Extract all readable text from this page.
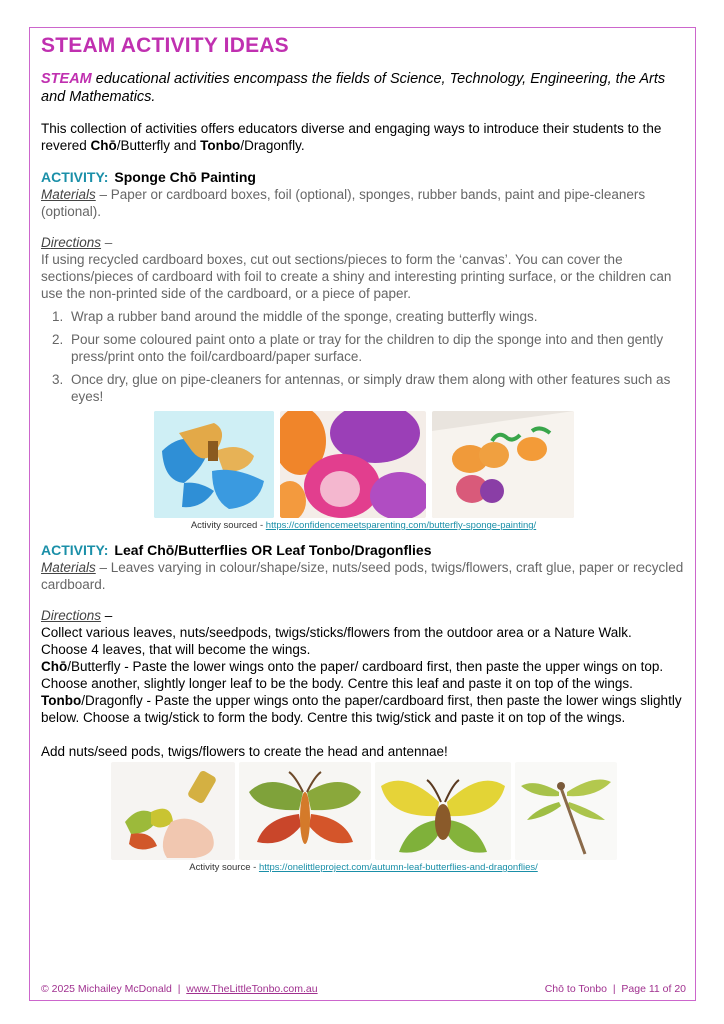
STEAM ACTIVITY IDEAS

STEAM educational activities encompass the fields of Science, Technology, Engineering, the Arts and Mathematics.

This collection of activities offers educators diverse and engaging ways to introduce their students to the revered Chō/Butterfly and Tonbo/Dragonfly.

ACTIVITY: Sponge Chō Painting

Materials – Paper or cardboard boxes, foil (optional), sponges, rubber bands, paint and pipe-cleaners (optional).

Directions –

If using recycled cardboard boxes, cut out sections/pieces to form the ‘canvas’. You can cover the sections/pieces of cardboard with foil to create a shiny and interesting printing surface, or the children can use the non-printed side of the cardboard, or a piece of paper.

1. Wrap a rubber band around the middle of the sponge, creating butterfly wings.
2. Pour some coloured paint onto a plate or tray for the children to dip the sponge into and then gently press/print onto the foil/cardboard/paper surface.
3. Once dry, glue on pipe-cleaners for antennas, or simply draw them along with other features such as eyes!
Activity sourced - https://confidencemeetsparenting.com/butterfly-sponge-painting/

ACTIVITY: Leaf Chō/Butterflies OR Leaf Tonbo/Dragonflies

Materials – Leaves varying in colour/shape/size, nuts/seed pods, twigs/flowers, craft glue, paper or recycled cardboard.

Directions –

Collect various leaves, nuts/seedpods, twigs/sticks/flowers from the outdoor area or a Nature Walk.

Choose 4 leaves, that will become the wings.

Chō/Butterfly - Paste the lower wings onto the paper/ cardboard first, then paste the upper wings on top. Choose another, slightly longer leaf to be the body. Centre this leaf and paste it on top of the wings.

Tonbo/Dragonfly - Paste the upper wings onto the paper/cardboard first, then paste the lower wings slightly below. Choose a twig/stick to form the body. Centre this twig/stick and paste it on top of the wings.

Add nuts/seed pods, twigs/flowers to create the head and antennae!

Activity source - https://onelittleproject.com/autumn-leaf-butterflies-and-dragonflies/
© 2025 Michailey McDonald  |  www.TheLittleTonbo.com.au	Chō to Tonbo  |  Page 11 of 20
